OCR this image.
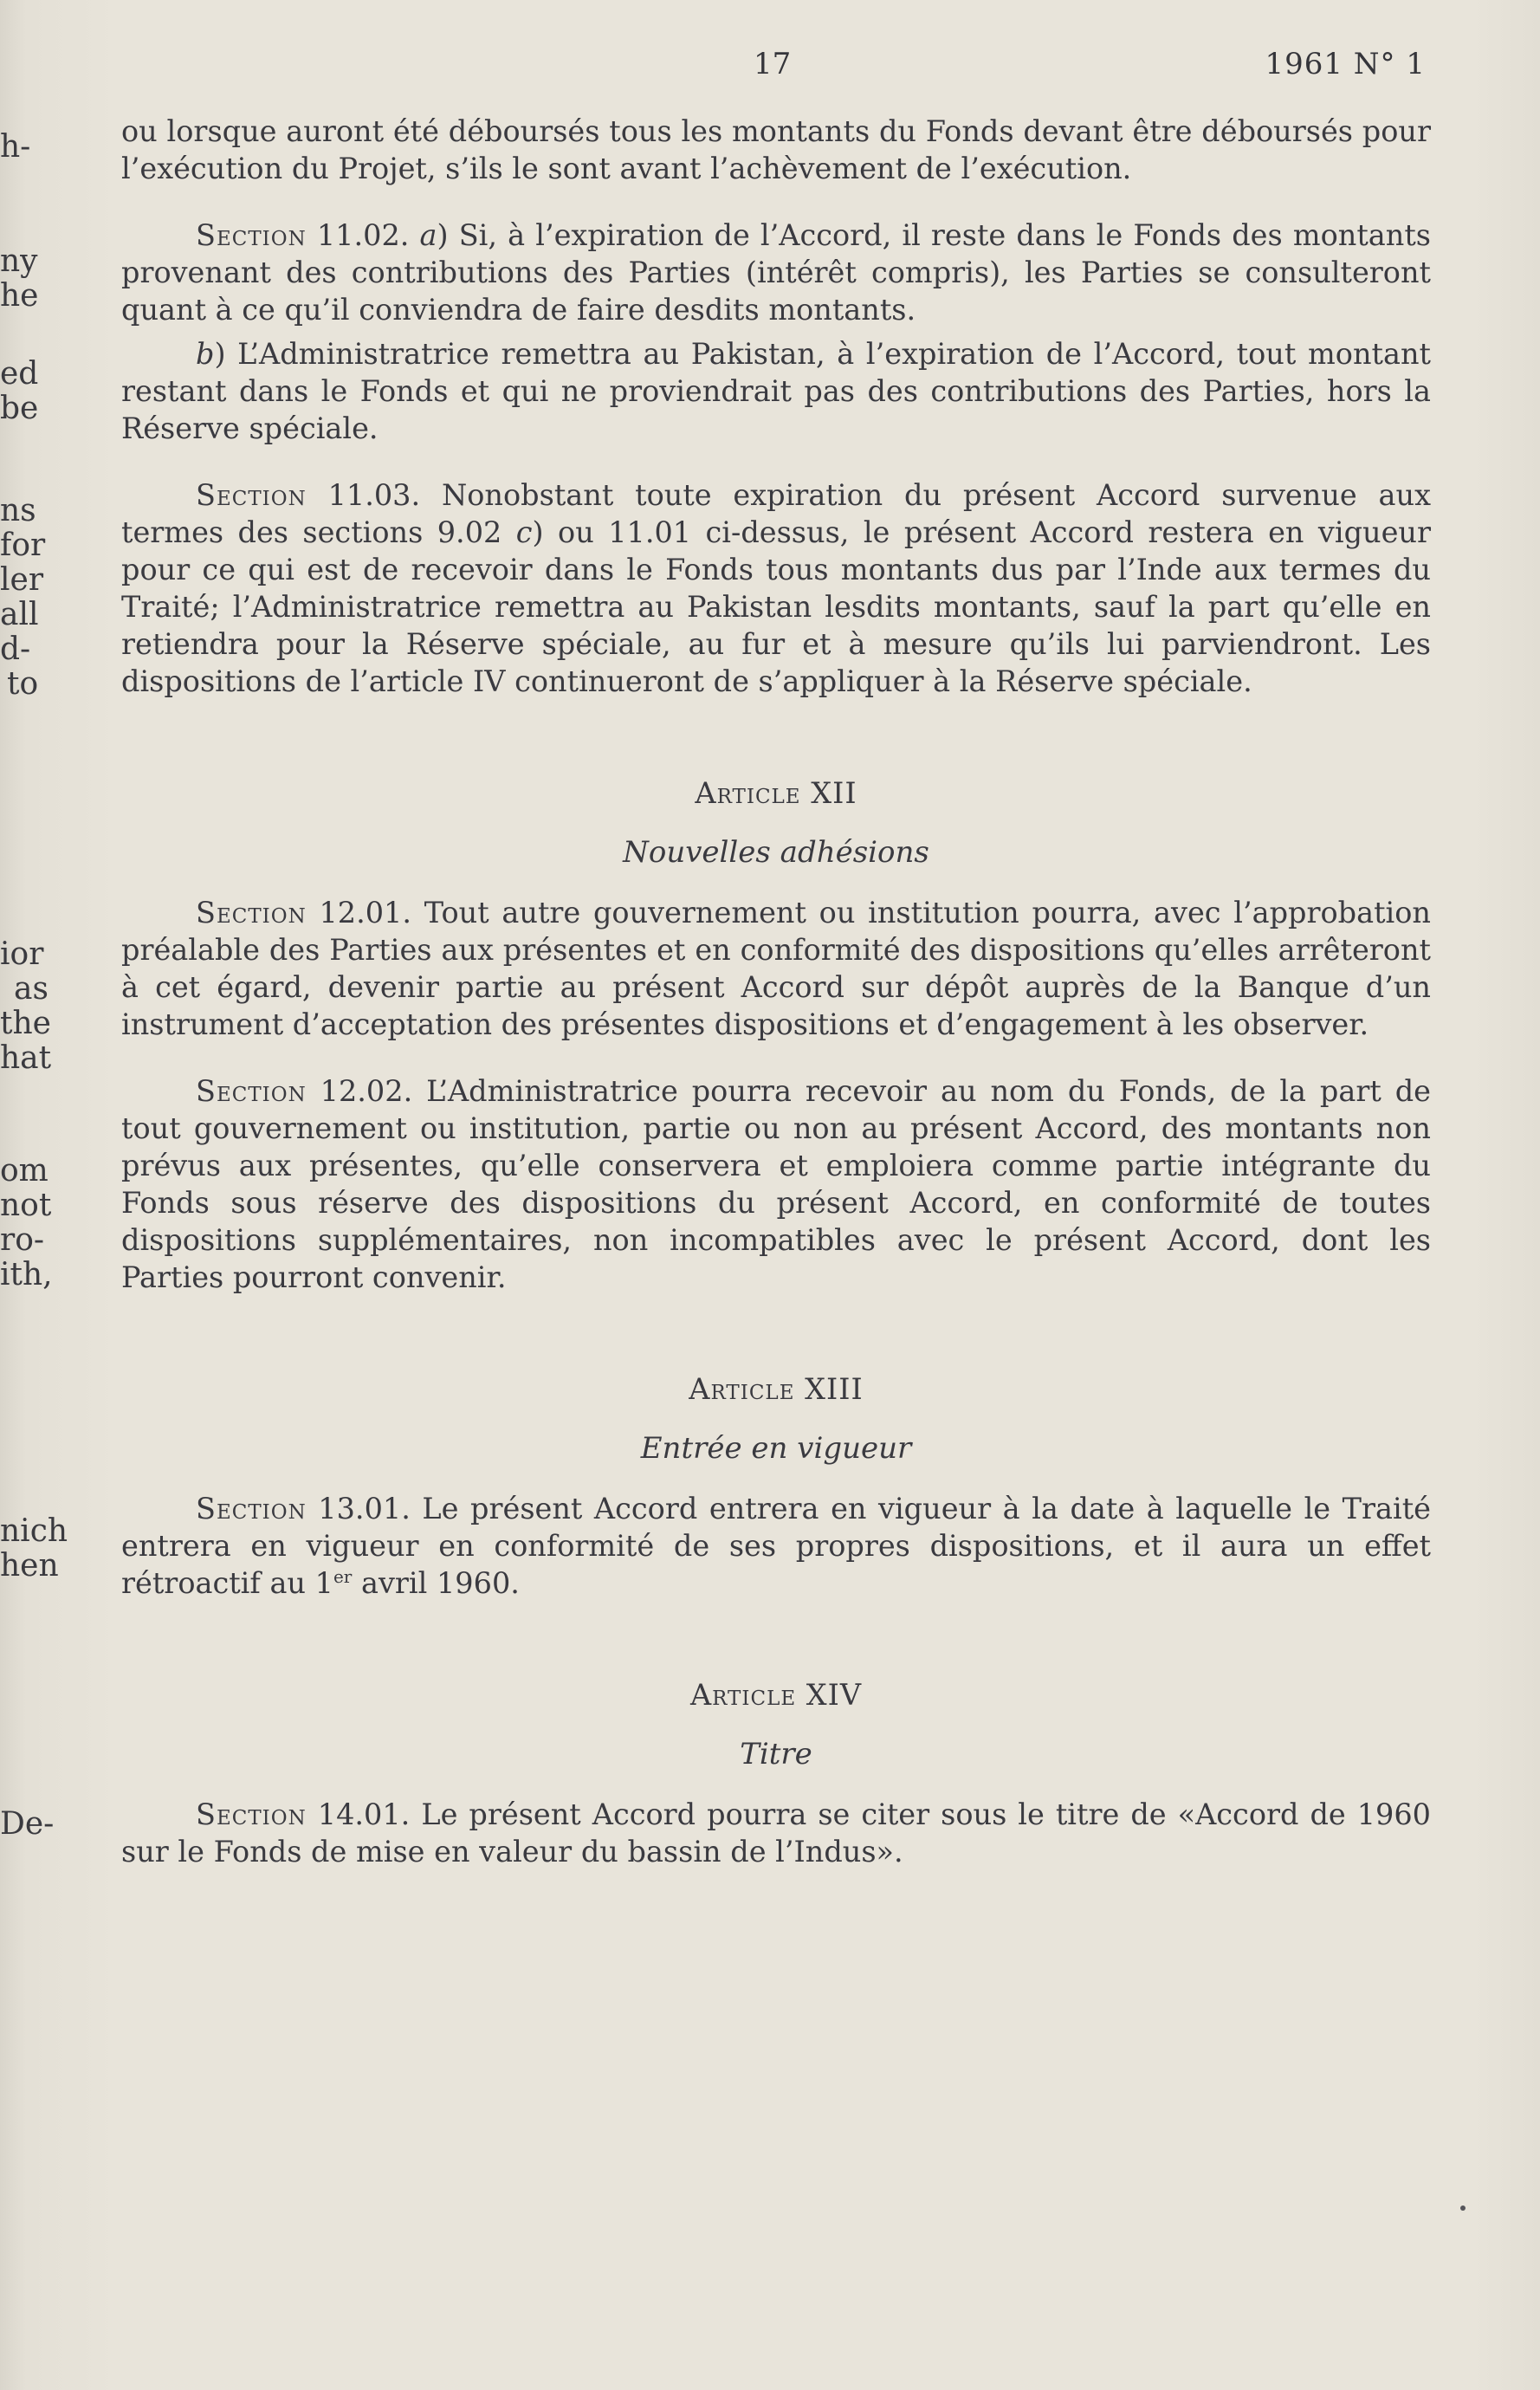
h-
ny
he
ed
be
ns
for
ler
all
d-
to
ior
as
the
hat
om
not
ro-
ith,
nich
hen
De-
17	1961 N° 1

ou lorsque auront été déboursés tous les montants du Fonds devant être déboursés pour l’exécution du Projet, s’ils le sont avant l’achèvement de l’exécution.

Section 11.02. a) Si, à l’expiration de l’Accord, il reste dans le Fonds des montants provenant des contributions des Parties (intérêt compris), les Parties se consulteront quant à ce qu’il conviendra de faire desdits montants.

b) L’Administratrice remettra au Pakistan, à l’expiration de l’Accord, tout montant restant dans le Fonds et qui ne proviendrait pas des contributions des Parties, hors la Réserve spéciale.

Section 11.03. Nonobstant toute expiration du présent Accord survenue aux termes des sections 9.02 c) ou 11.01 ci-dessus, le présent Accord restera en vigueur pour ce qui est de recevoir dans le Fonds tous montants dus par l’Inde aux termes du Traité; l’Administratrice remettra au Pakistan lesdits montants, sauf la part qu’elle en retiendra pour la Réserve spéciale, au fur et à mesure qu’ils lui parviendront. Les dispositions de l’article IV continueront de s’appliquer à la Réserve spéciale.

Article XII
Nouvelles adhésions

Section 12.01. Tout autre gouvernement ou institution pourra, avec l’approbation préalable des Parties aux présentes et en conformité des dispositions qu’elles arrêteront à cet égard, devenir partie au présent Accord sur dépôt auprès de la Banque d’un instrument d’acceptation des présentes dispositions et d’engagement à les observer.

Section 12.02. L’Administratrice pourra recevoir au nom du Fonds, de la part de tout gouvernement ou institution, partie ou non au présent Accord, des montants non prévus aux présentes, qu’elle conservera et emploiera comme partie intégrante du Fonds sous réserve des dispositions du présent Accord, en conformité de toutes dispositions supplémentaires, non incompatibles avec le présent Accord, dont les Parties pourront convenir.

Article XIII
Entrée en vigueur

Section 13.01. Le présent Accord entrera en vigueur à la date à laquelle le Traité entrera en vigueur en conformité de ses propres dispositions, et il aura un effet rétroactif au 1er avril 1960.

Article XIV
Titre

Section 14.01. Le présent Accord pourra se citer sous le titre de «Accord de 1960 sur le Fonds de mise en valeur du bassin de l’Indus».
